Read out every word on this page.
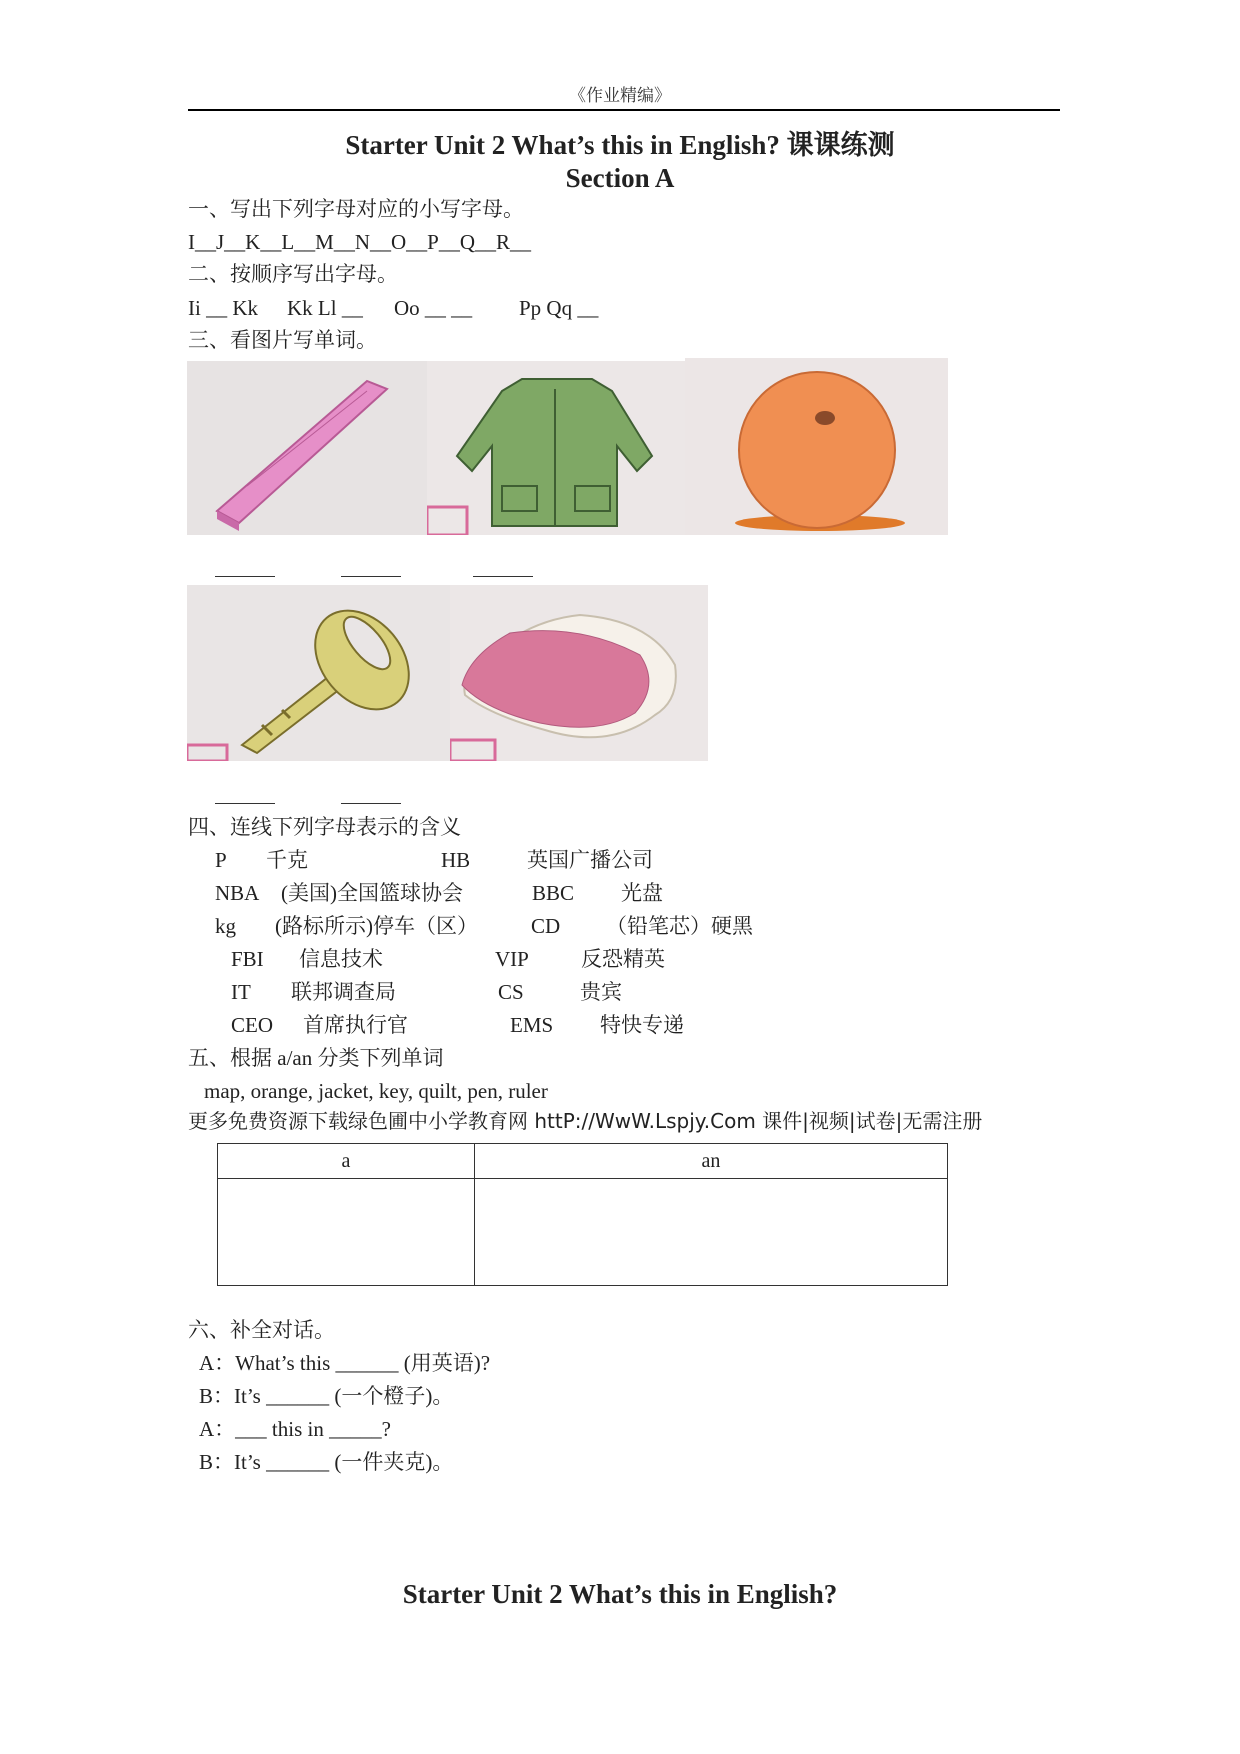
《作业精编》
Starter Unit 2 What’s this in English? 课课练测
Section A
一、写出下列字母对应的小写字母。
I__J__K__L__M__N__O__P__Q__R__
二、按顺序写出字母。
Ii __ Kk Kk Ll __ Oo __ __ Pp Qq __
三、看图片写单词。
四、连线下列字母表示的含义
P 千克	HB	英国广播公司
NBA (美国)全国篮球协会	BBC 光盘
kg (路标所示)停车（区）	CD （铅笔芯）硬黑
FBI 信息技术	VIP 反恐精英
IT 联邦调查局	CS	贵宾
CEO 首席执行官	EMS 特快专递
五、根据 a/an 分类下列单词
map, orange, jacket, key, quilt, pen, ruler
更多免费资源下载绿色圃中小学教育网 httP://WwW.Lspjy.Com 课件|视频|试卷|无需注册
a	an

六、补全对话。
A：What’s this ______ (用英语)?
B：It’s ______ (一个橙子)。
A：___ this in _____?
B：It’s ______ (一件夹克)。
Starter Unit 2 What’s this in English?
